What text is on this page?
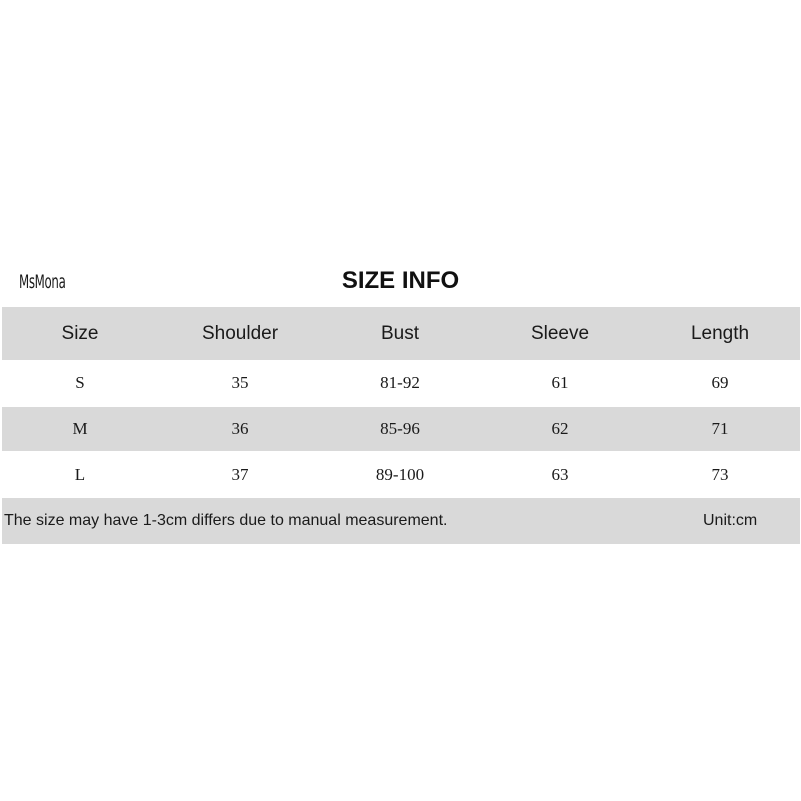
MsMona	SIZE INFO
Size	Shoulder	Bust	Sleeve	Length
S	35	81-92	61	69
M	36	85-96	62	71
L	37	89-100	63	73
The size may have 1-3cm differs due to manual measurement.	Unit:cm
